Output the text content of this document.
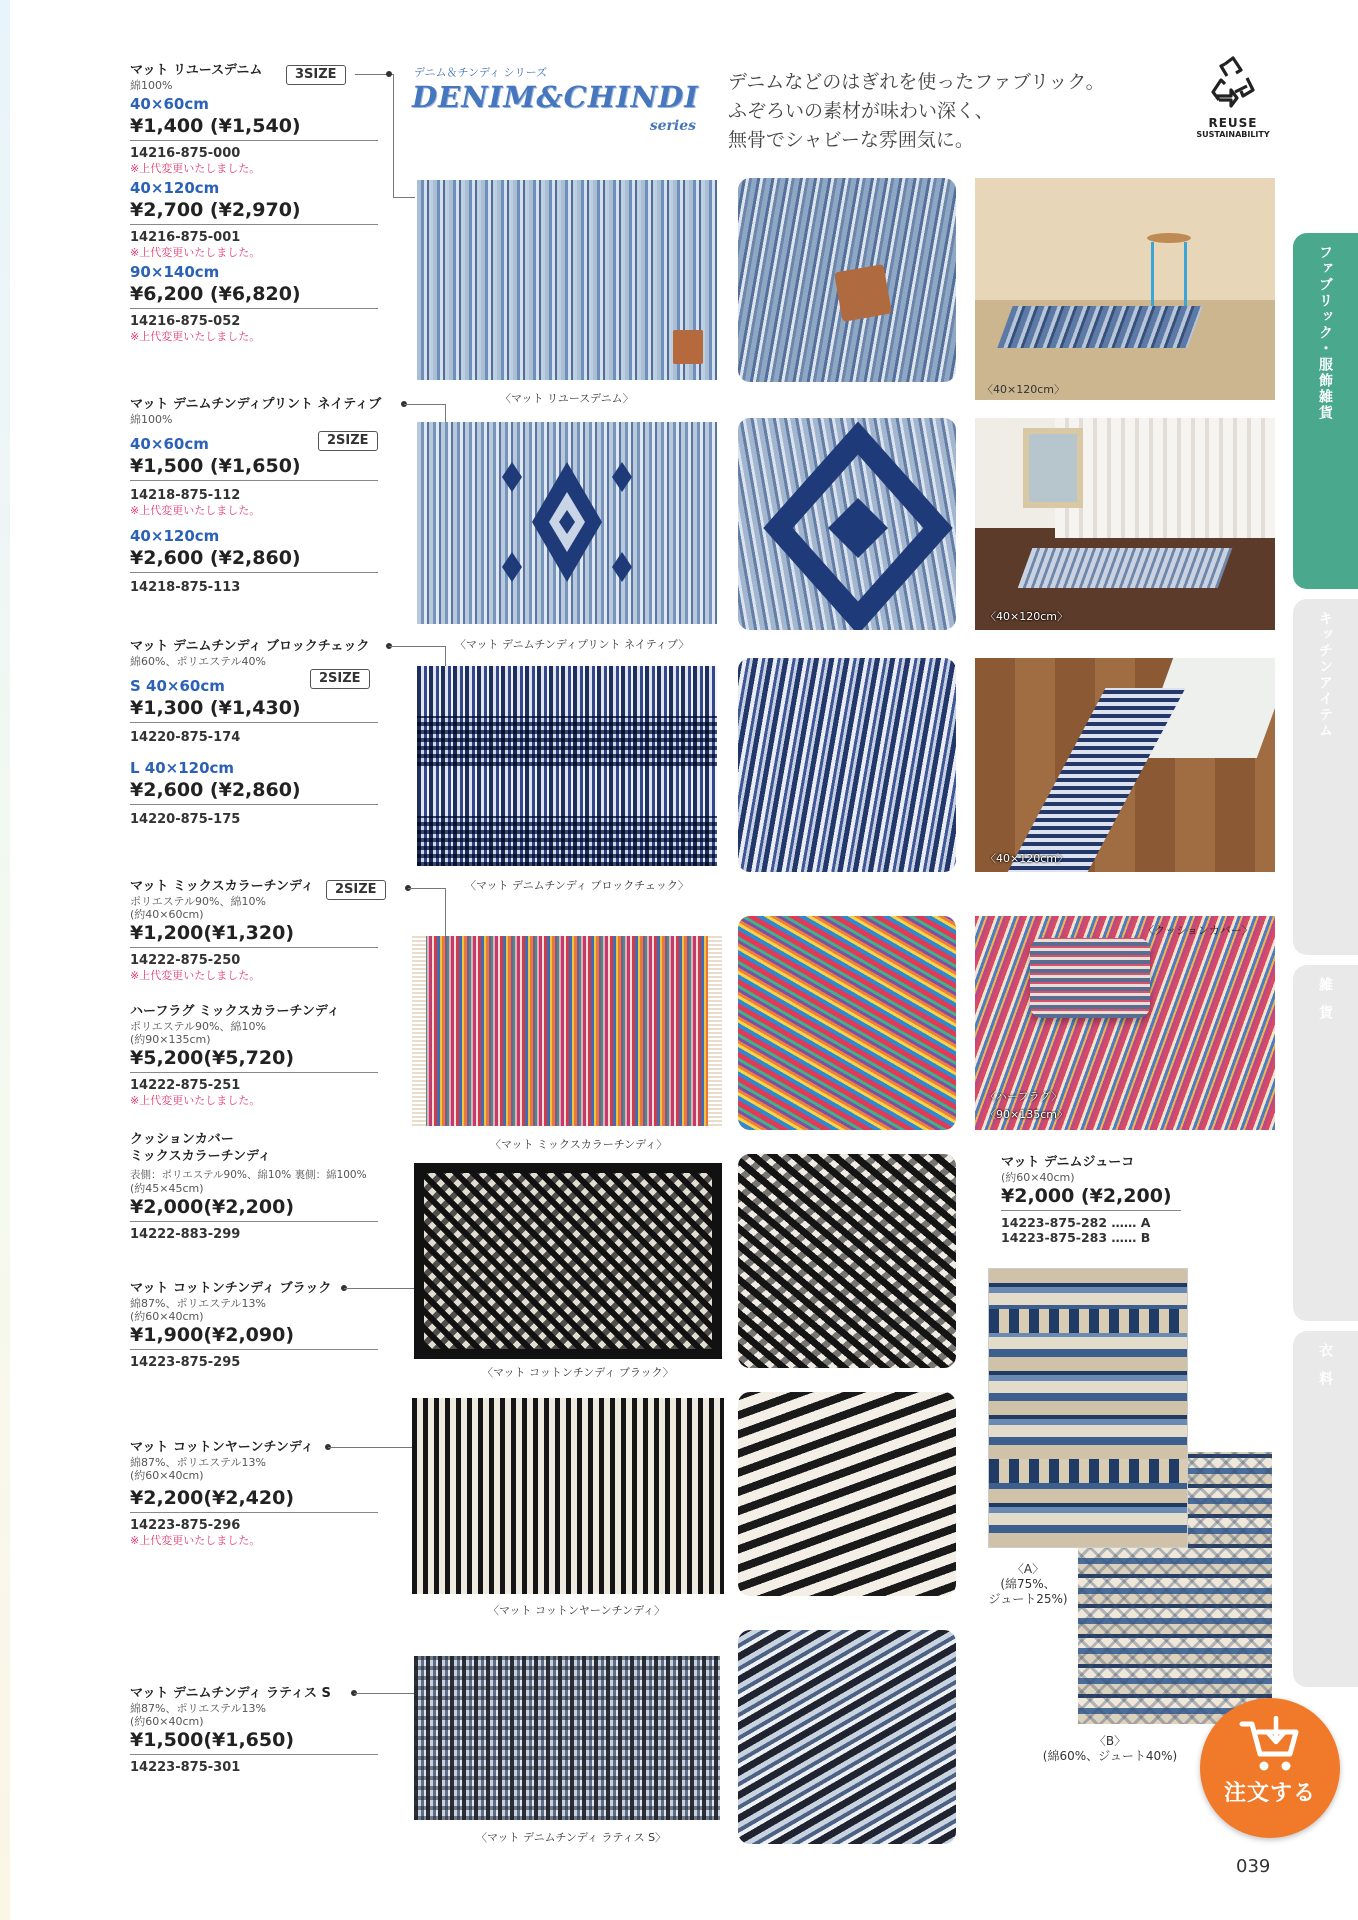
デニム＆チンディ シリーズ
DENIM&CHINDI
series
デニムなどのはぎれを使ったファブリック。
ふぞろいの素材が味わい深く、
無骨でシャビーな雰囲気に。
REUSE
SUSTAINABILITY
ファブリック・服飾雑貨
キッチンアイテム
雑貨
衣料
マット リユースデニム
綿100%
40×60cm
¥1,400 (¥1,540)
14216-875-000
※上代変更いたしました。
40×120cm
¥2,700 (¥2,970)
14216-875-001
※上代変更いたしました。
90×140cm
¥6,200 (¥6,820)
14216-875-052
※上代変更いたしました。
3SIZE
〈マット リユースデニム〉
〈40×120cm〉
マット デニムチンディプリント ネイティブ
綿100%
40×60cm
¥1,500 (¥1,650)
14218-875-112
※上代変更いたしました。
40×120cm
¥2,600 (¥2,860)
14218-875-113
2SIZE
〈マット デニムチンディプリント ネイティブ〉
〈40×120cm〉
マット デニムチンディ ブロックチェック
綿60%、ポリエステル40%
S 40×60cm
¥1,300 (¥1,430)
14220-875-174
L 40×120cm
¥2,600 (¥2,860)
14220-875-175
2SIZE
〈マット デニムチンディ ブロックチェック〉
〈40×120cm〉
マット ミックスカラーチンディ
ポリエステル90%、綿10%
(約40×60cm)
¥1,200(¥1,320)
14222-875-250
※上代変更いたしました。
2SIZE
ハーフラグ ミックスカラーチンディ
ポリエステル90%、綿10%
(約90×135cm)
¥5,200(¥5,720)
14222-875-251
※上代変更いたしました。
クッションカバー
ミックスカラーチンディ
表側：ポリエステル90%、綿10% 裏側：綿100%
(約45×45cm)
¥2,000(¥2,200)
14222-883-299
〈マット ミックスカラーチンディ〉
〈クッションカバー〉
〈ハーフラグ〉
〈90×135cm〉
マット コットンチンディ ブラック
綿87%、ポリエステル13%
(約60×40cm)
¥1,900(¥2,090)
14223-875-295
〈マット コットンチンディ ブラック〉
マット コットンヤーンチンディ
綿87%、ポリエステル13%
(約60×40cm)
¥2,200(¥2,420)
14223-875-296
※上代変更いたしました。
〈マット コットンヤーンチンディ〉
マット デニムチンディ ラティス S
綿87%、ポリエステル13%
(約60×40cm)
¥1,500(¥1,650)
14223-875-301
〈マット デニムチンディ ラティス S〉
マット デニムジューコ
(約60×40cm)
¥2,000 (¥2,200)
14223-875-282 …… A
14223-875-283 …… B
〈A〉
(綿75%、
ジュート25%)
〈B〉
(綿60%、ジュート40%)
注文する
039
